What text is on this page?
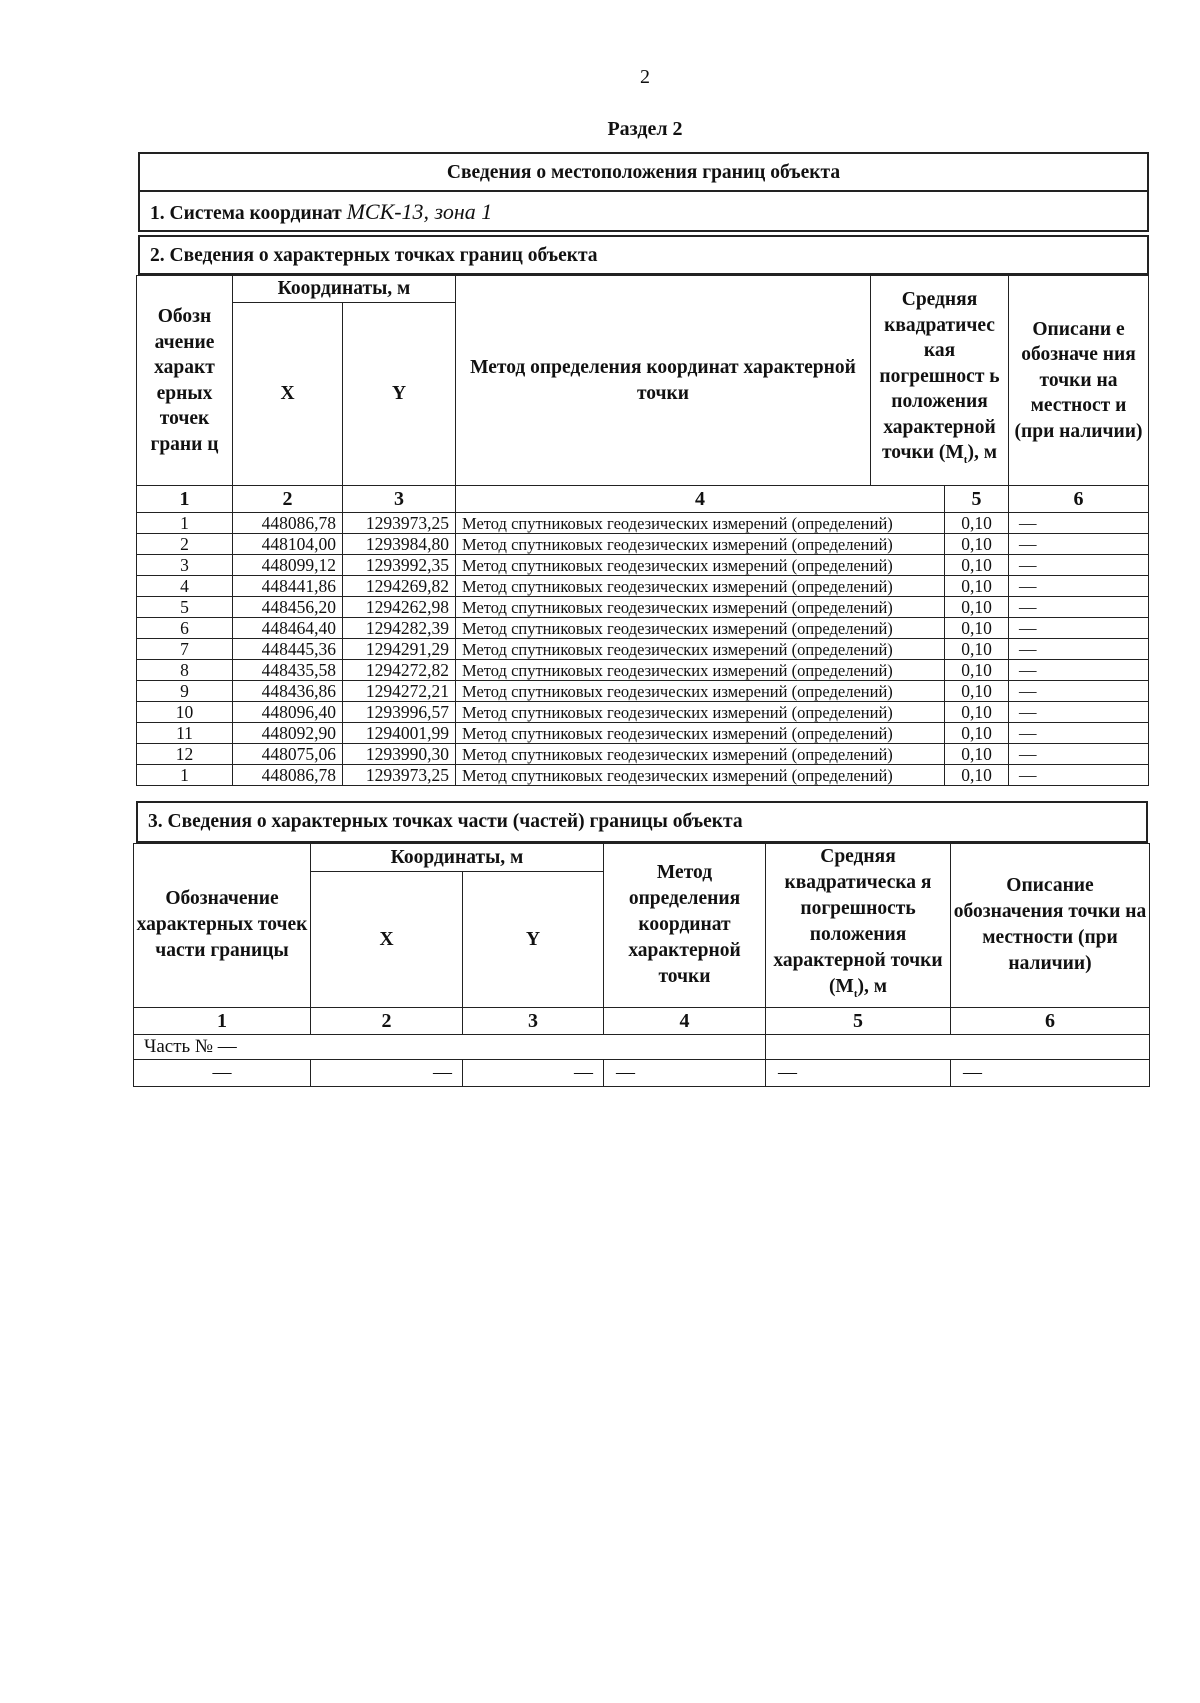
2
Раздел 2
Сведения о местоположения границ объекта
1. Система координат МСК-13, зона 1
2. Сведения о характерных точках границ объекта
Обозн ачение характ ерных точек грани ц	Координаты, м		Метод определения координат характерной точки	Средняя квадратичес кая погрешност ь положения характерной точки $(M_t)$, м		Описани е обозначе ния точки на местност и (при наличии)
	X	Y				
1	2	3	4		5	6
1	448086,78	1293973,25	Метод спутниковых геодезических измерений (определений)		0,10	—
2	448104,00	1293984,80	Метод спутниковых геодезических измерений (определений)		0,10	—
3	448099,12	1293992,35	Метод спутниковых геодезических измерений (определений)		0,10	—
4	448441,86	1294269,82	Метод спутниковых геодезических измерений (определений)		0,10	—
5	448456,20	1294262,98	Метод спутниковых геодезических измерений (определений)		0,10	—
6	448464,40	1294282,39	Метод спутниковых геодезических измерений (определений)		0,10	—
7	448445,36	1294291,29	Метод спутниковых геодезических измерений (определений)		0,10	—
8	448435,58	1294272,82	Метод спутниковых геодезических измерений (определений)		0,10	—
9	448436,86	1294272,21	Метод спутниковых геодезических измерений (определений)		0,10	—
10	448096,40	1293996,57	Метод спутниковых геодезических измерений (определений)		0,10	—
11	448092,90	1294001,99	Метод спутниковых геодезических измерений (определений)		0,10	—
12	448075,06	1293990,30	Метод спутниковых геодезических измерений (определений)		0,10	—
1	448086,78	1293973,25	Метод спутниковых геодезических измерений (определений)		0,10	—
3. Сведения о характерных точках части (частей) границы объекта
Обозначение характерных точек части границы	Координаты, м		Метод определения координат характерной точки	Средняя квадратическа я погрешность положения характерной точки $(M_t)$, м	Описание обозначения точки на местности (при наличии)
	X	Y			
1	2	3	4	5	6
Часть № —					
—	—	—	—	—	—
